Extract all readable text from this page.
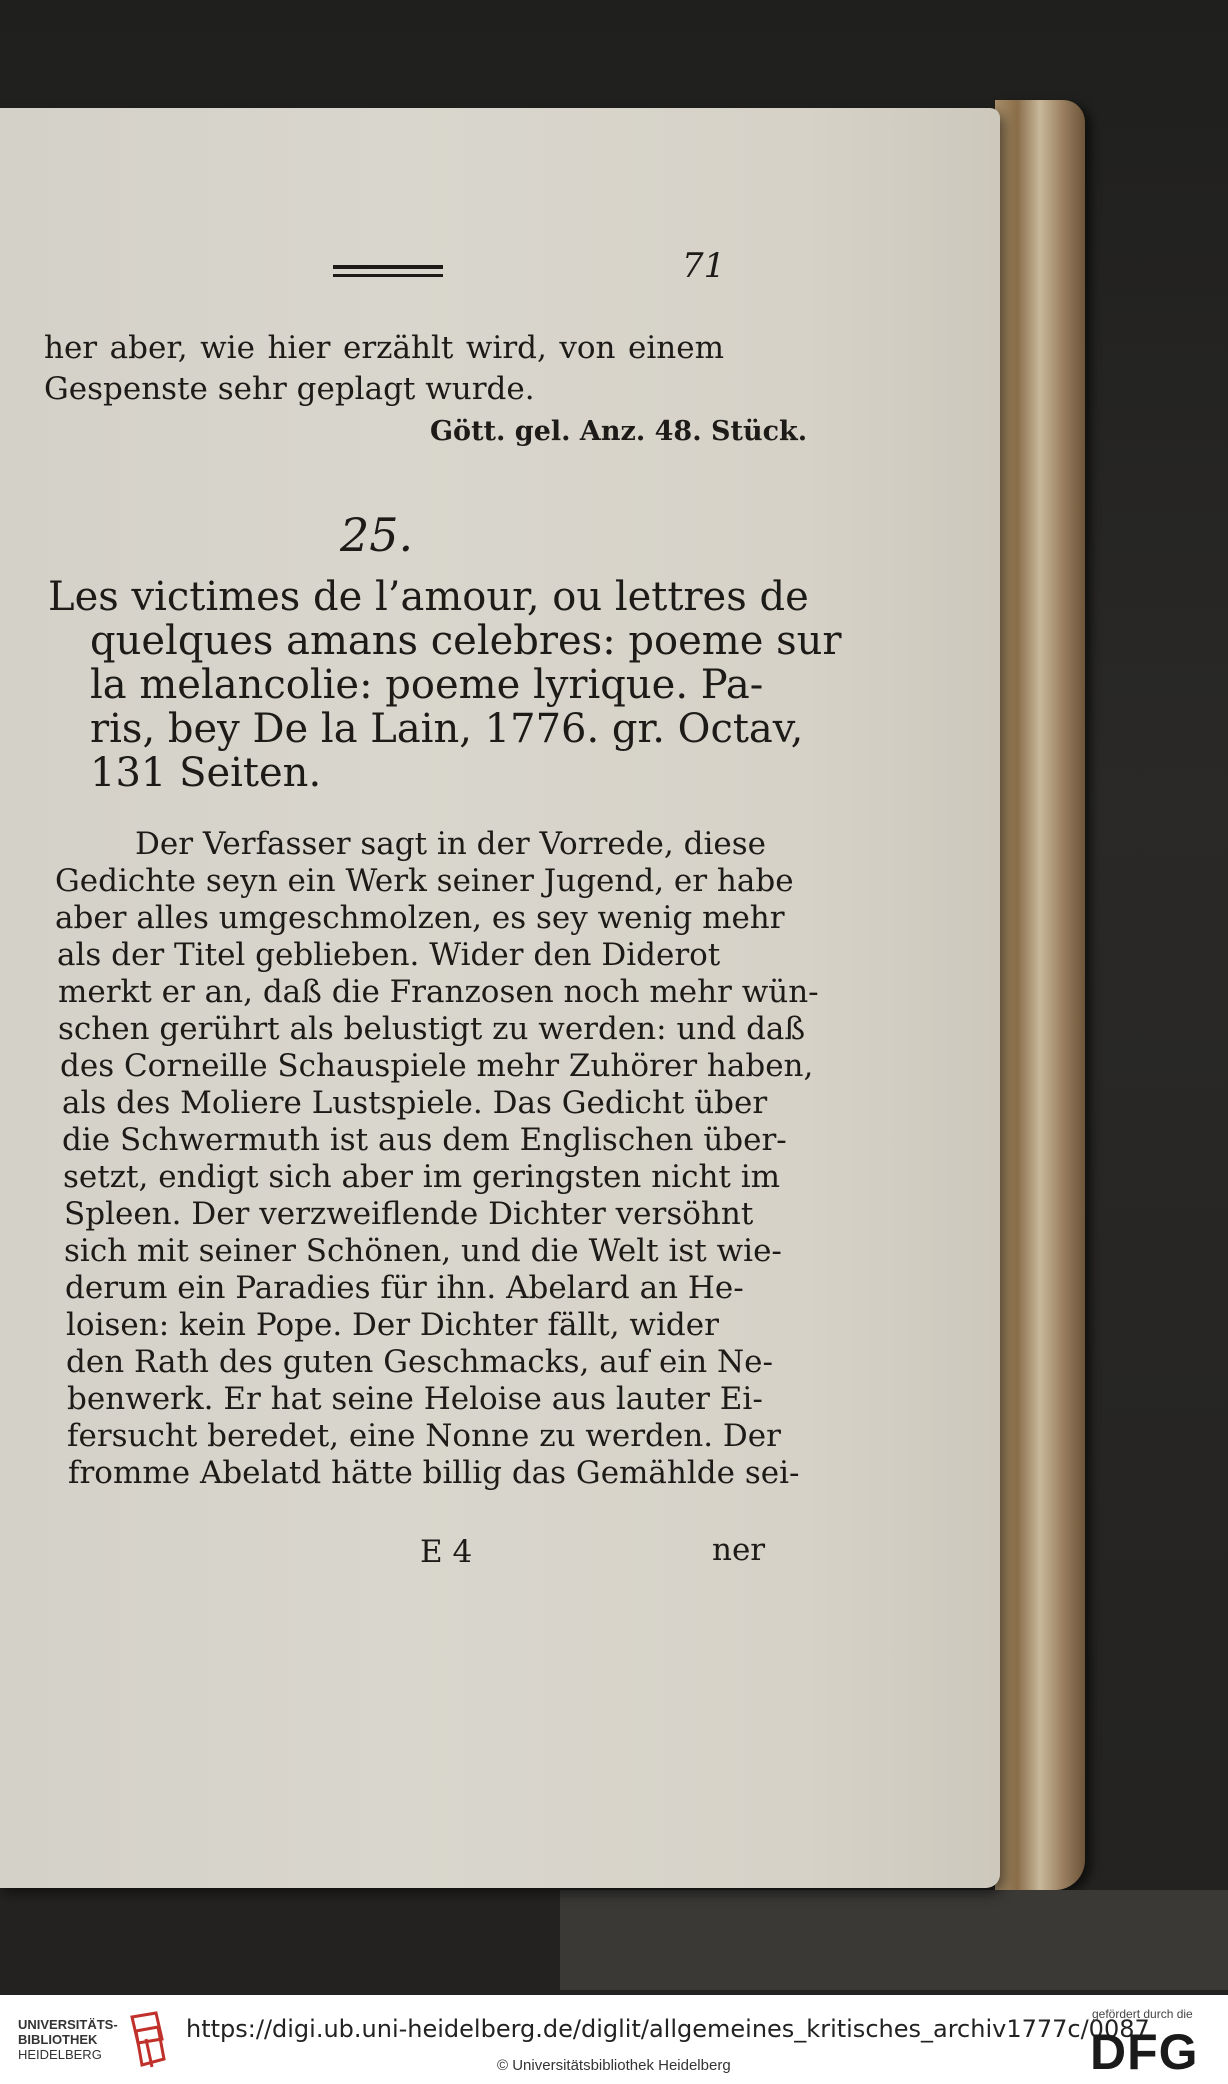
71
her aber, wie hier erzählt wird, von einem
Gespenste sehr geplagt wurde.
Gött. gel. Anz. 48. Stück.
25.
Les victimes de l’amour, ou lettres de
quelques amans celebres: poeme sur
la melancolie: poeme lyrique. Pa-
ris, bey De la Lain, 1776. gr. Octav,
131 Seiten.
Der Verfasser sagt in der Vorrede, diese
Gedichte seyn ein Werk seiner Jugend, er habe
aber alles umgeschmolzen, es sey wenig mehr
als der Titel geblieben. Wider den Diderot
merkt er an, daß die Franzosen noch mehr wün-
schen gerührt als belustigt zu werden: und daß
des Corneille Schauspiele mehr Zuhörer haben,
als des Moliere Lustspiele. Das Gedicht über
die Schwermuth ist aus dem Englischen über-
setzt, endigt sich aber im geringsten nicht im
Spleen. Der verzweiflende Dichter versöhnt
sich mit seiner Schönen, und die Welt ist wie-
derum ein Paradies für ihn. Abelard an He-
loisen: kein Pope. Der Dichter fällt, wider
den Rath des guten Geschmacks, auf ein Ne-
benwerk. Er hat seine Heloise aus lauter Ei-
fersucht beredet, eine Nonne zu werden. Der
fromme Abelatd hätte billig das Gemählde sei-
E 4	ner
UNIVERSITÄTS-
BIBLIOTHEK
HEIDELBERG
https://digi.ub.uni-heidelberg.de/diglit/allgemeines_kritisches_archiv1777c/0087
© Universitätsbibliothek Heidelberg
gefördert durch die
DFG
